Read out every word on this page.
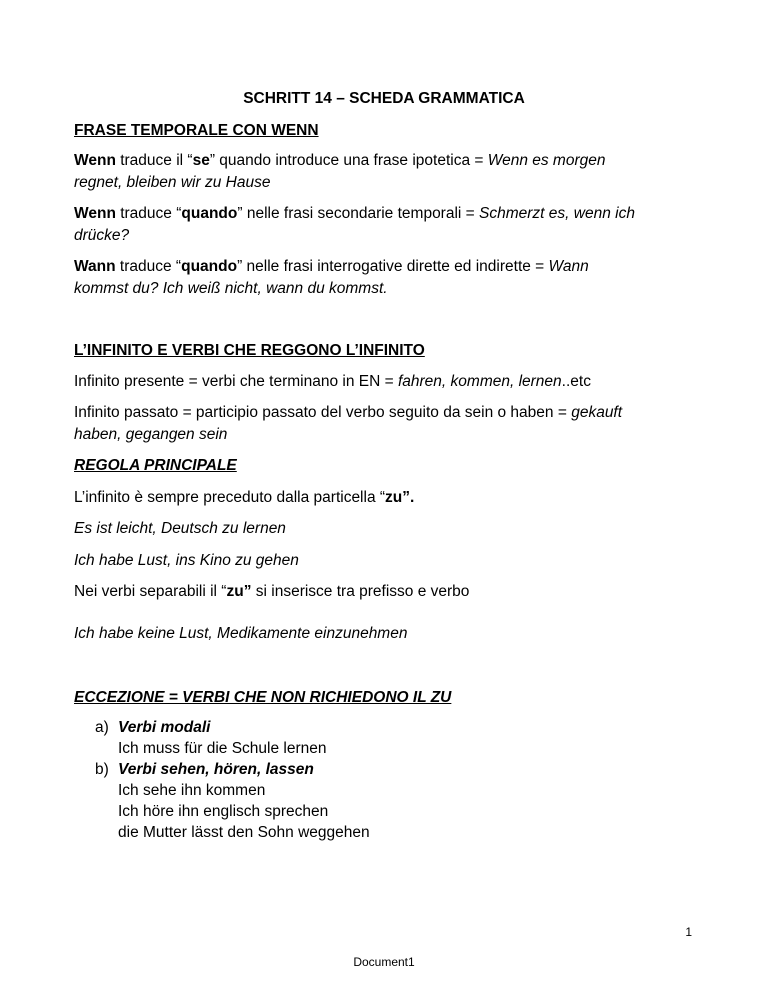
SCHRITT 14 – SCHEDA GRAMMATICA
FRASE TEMPORALE CON WENN
Wenn traduce il “se” quando introduce una frase ipotetica = Wenn es morgen
regnet, bleiben wir zu Hause
Wenn traduce “quando” nelle frasi secondarie temporali = Schmerzt es, wenn ich
drücke?
Wann traduce “quando” nelle frasi interrogative dirette ed indirette = Wann
kommst du? Ich weiß nicht, wann du kommst.
L’INFINITO E VERBI CHE REGGONO L’INFINITO
Infinito presente = verbi che terminano in EN = fahren, kommen, lernen..etc
Infinito passato = participio passato del verbo seguito da sein o haben = gekauft
haben, gegangen sein
REGOLA PRINCIPALE
L’infinito è sempre preceduto dalla particella “zu”.
Es ist leicht, Deutsch zu lernen
Ich habe Lust, ins Kino zu gehen
Nei verbi separabili il “zu” si inserisce tra prefisso e verbo
Ich habe keine Lust, Medikamente einzunehmen
ECCEZIONE = VERBI CHE NON RICHIEDONO IL ZU
a) Verbi modali
Ich muss für die Schule lernen
b) Verbi sehen, hören, lassen
Ich sehe ihn kommen
Ich höre ihn englisch sprechen
die Mutter lässt den Sohn weggehen
1
Document1
